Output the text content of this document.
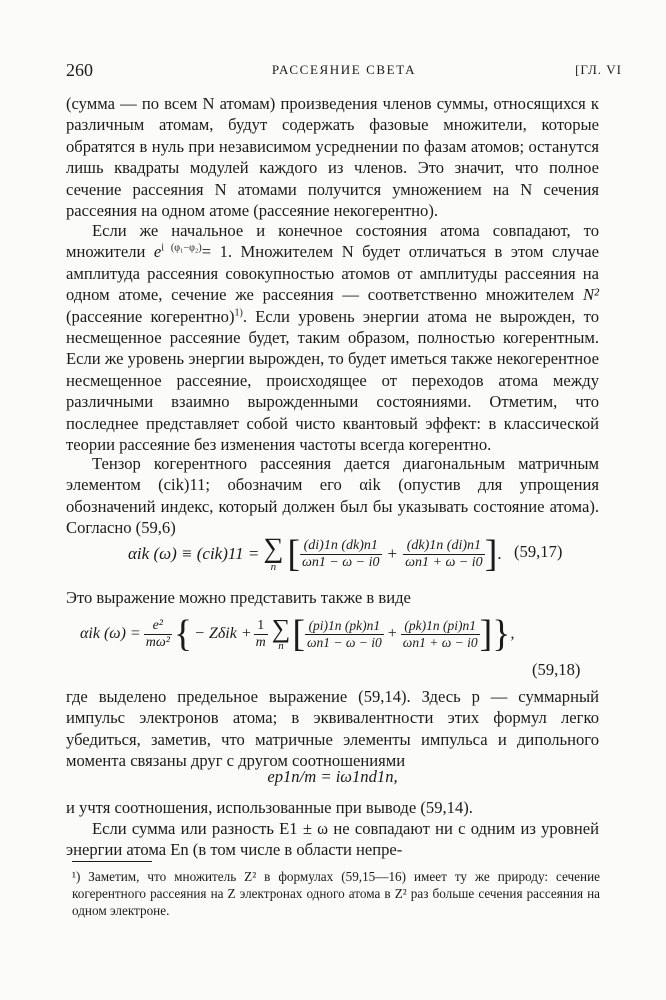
260	РАССЕЯНИЕ СВЕТА	[ГЛ. VI

(сумма — по всем N атомам) произведения членов суммы, относящихся к различным атомам, будут содержать фазовые множители, которые обратятся в нуль при независимом усреднении по фазам атомов; останутся лишь квадраты модулей каждого из членов. Это значит, что полное сечение рассеяния N атомами получится умножением на N сечения рассеяния на одном атоме (рассеяние некогерентно).

Если же начальное и конечное состояния атома совпадают, то множители $e^{i (\varphi_1-\varphi_2)}= 1$. Множителем N будет отличаться в этом случае амплитуда рассеяния совокупностью атомов от амплитуды рассеяния на одном атоме, сечение же рассеяния — соответственно множителем N² (рассеяние когерентно)$^{1)}$. Если уровень энергии атома не вырожден, то несмещенное рассеяние будет, таким образом, полностью когерентным. Если же уровень энергии вырожден, то будет иметься также некогерентное несмещенное рассеяние, происходящее от переходов атома между различными взаимно вырожденными состояниями. Отметим, что последнее представляет собой чисто квантовый эффект: в классической теории рассеяние без изменения частоты всегда когерентно.

Тензор когерентного рассеяния дается диагональным матричным элементом (cik)11; обозначим его αik (опустив для упрощения обозначений индекс, который должен был бы указывать состояние атома). Согласно (59,6)

αik (ω) ≡ (cik)11 = ∑
n [ $\frac{(di)1n (dk)n1}{\omega n1 - \omega - i0} + \frac{(dk)1n (di)n1}{\omega n1 + \omega - i0}$ ] . (59,17)

Это выражение можно представить также в виде

αik $(\omega) = \frac{\text{e²}}{\text{mω²}}$ { − $Z\delta ik + \frac{1}{m}$ ∑
n [ $\frac{(pi)1n (pk)n1}{\omega n1 - \omega - i0} + \frac{(pk)1n (pi)n1}{\omega n1 + \omega - i0}$ ] } ,
(59,18)

где выделено предельное выражение (59,14). Здесь p — суммарный импульс электронов атома; в эквивалентности этих формул легко убедиться, заметив, что матричные элементы импульса и дипольного момента связаны друг с другом соотношениями

ep1n/m = iω1nd1n,

и учтя соотношения, использованные при выводе (59,14).

Если сумма или разность E1 ± ω не совпадают ни с одним из уровней энергии атома En (в том числе в области непре-

¹) Заметим, что множитель Z² в формулах (59,15—16) имеет ту же природу: сечение когерентного рассеяния на Z электронах одного атома в Z² раз больше сечения рассеяния на одном электроне.
